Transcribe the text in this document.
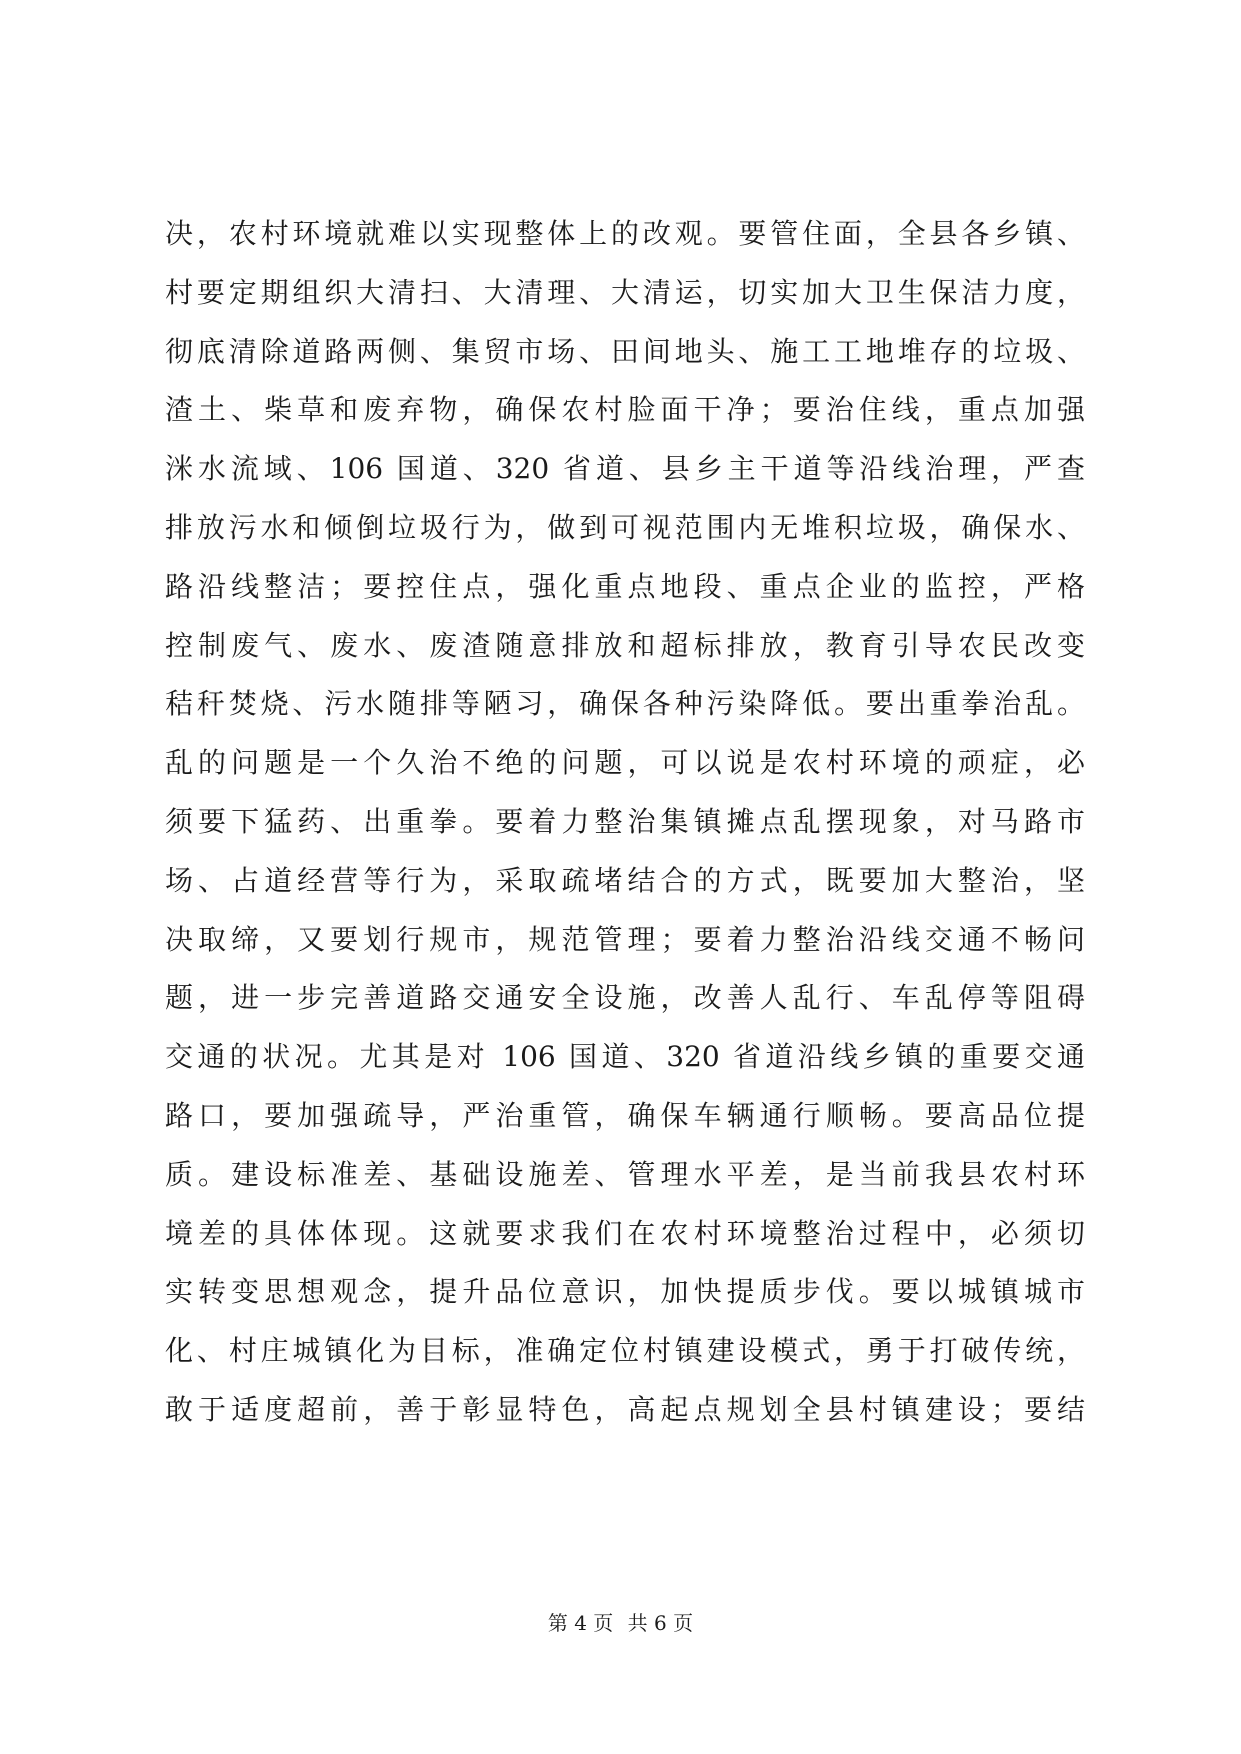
决，农村环境就难以实现整体上的改观。要管住面，全县各乡镇、
村要定期组织大清扫、大清理、大清运，切实加大卫生保洁力度，
彻底清除道路两侧、集贸市场、田间地头、施工工地堆存的垃圾、
渣土、柴草和废弃物，确保农村脸面干净；要治住线，重点加强
洣水流域、106 国道、320 省道、县乡主干道等沿线治理，严查
排放污水和倾倒垃圾行为，做到可视范围内无堆积垃圾，确保水、
路沿线整洁；要控住点，强化重点地段、重点企业的监控，严格
控制废气、废水、废渣随意排放和超标排放，教育引导农民改变
秸秆焚烧、污水随排等陋习，确保各种污染降低。要出重拳治乱。
乱的问题是一个久治不绝的问题，可以说是农村环境的顽症，必
须要下猛药、出重拳。要着力整治集镇摊点乱摆现象，对马路市
场、占道经营等行为，采取疏堵结合的方式，既要加大整治，坚
决取缔，又要划行规市，规范管理；要着力整治沿线交通不畅问
题，进一步完善道路交通安全设施，改善人乱行、车乱停等阻碍
交通的状况。尤其是对 106 国道、320 省道沿线乡镇的重要交通
路口，要加强疏导，严治重管，确保车辆通行顺畅。要高品位提
质。建设标准差、基础设施差、管理水平差，是当前我县农村环
境差的具体体现。这就要求我们在农村环境整治过程中，必须切
实转变思想观念，提升品位意识，加快提质步伐。要以城镇城市
化、村庄城镇化为目标，准确定位村镇建设模式，勇于打破传统，
敢于适度超前，善于彰显特色，高起点规划全县村镇建设；要结
第 4 页 共 6 页
